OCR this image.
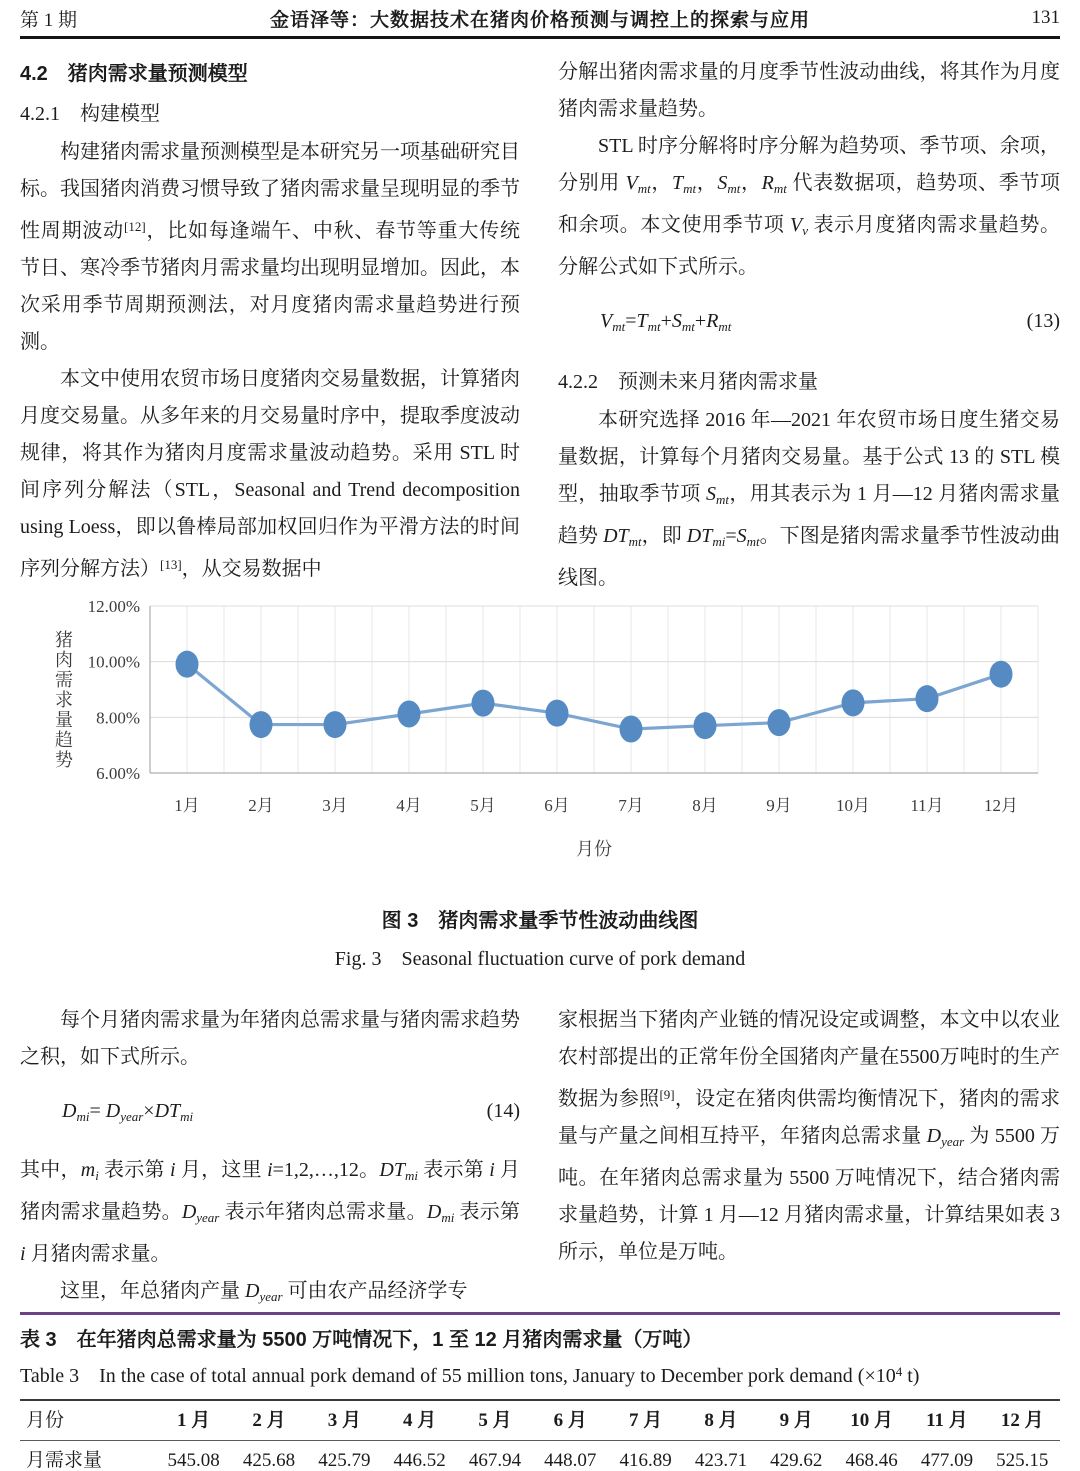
第 1 期	金语泽等：大数据技术在猪肉价格预测与调控上的探索与应用	131
4.2　猪肉需求量预测模型
4.2.1　构建模型

构建猪肉需求量预测模型是本研究另一项基础研究目标。我国猪肉消费习惯导致了猪肉需求量呈现明显的季节性周期波动[12]，比如每逢端午、中秋、春节等重大传统节日、寒冷季节猪肉月需求量均出现明显增加。因此，本次采用季节周期预测法，对月度猪肉需求量趋势进行预测。

本文中使用农贸市场日度猪肉交易量数据，计算猪肉月度交易量。从多年来的月交易量时序中，提取季度波动规律，将其作为猪肉月度需求量波动趋势。采用 STL 时间序列分解法（STL，Seasonal and Trend decomposition using Loess，即以鲁棒局部加权回归作为平滑方法的时间序列分解方法）[13]，从交易数据中

分解出猪肉需求量的月度季节性波动曲线，将其作为月度猪肉需求量趋势。

STL 时序分解将时序分解为趋势项、季节项、余项，分别用 $V_{mt}$，$T_{mt}$，$S_{mt}$，$R_{mt}$ 代表数据项，趋势项、季节项和余项。本文使用季节项 $V_v$ 表示月度猪肉需求量趋势。分解公式如下式所示。

$V_{mt}=T_{mt}+S_{mt}+R_{mt}$	(13)
4.2.2　预测未来月猪肉需求量

本研究选择 2016 年—2021 年农贸市场日度生猪交易量数据，计算每个月猪肉交易量。基于公式 13 的 STL 模型，抽取季节项 $S_{mt}$，用其表示为 1 月—12 月猪肉需求量趋势 $DT_{mt}$，即 $DT_{mi}=S_{mt}$。下图是猪肉需求量季节性波动曲线图。

6.00%
8.00%
10.00%
12.00%
1月	2月	3月	4月	5月	6月	7月	8月	9月	10月 11月 12月
月份
猪肉需求量趋势
图 3　猪肉需求量季节性波动曲线图
Fig. 3　Seasonal fluctuation curve of pork demand

每个月猪肉需求量为年猪肉总需求量与猪肉需求趋势之积，如下式所示。

$D_{mi}= D_{year}\times DT_{mi}$	(14)

其中，$m_i$ 表示第 i 月，这里 i=1,2,…,12。$DT_{mi}$ 表示第 i 月猪肉需求量趋势。$D_{year}$ 表示年猪肉总需求量。$D_{mi}$ 表示第 i 月猪肉需求量。

这里，年总猪肉产量 $D_{year}$ 可由农产品经济学专

家根据当下猪肉产业链的情况设定或调整，本文中以农业农村部提出的正常年份全国猪肉产量在5500万吨时的生产数据为参照[9]，设定在猪肉供需均衡情况下，猪肉的需求量与产量之间相互持平，年猪肉总需求量 $D_{year}$ 为 5500 万吨。在年猪肉总需求量为 5500 万吨情况下，结合猪肉需求量趋势，计算 1 月—12 月猪肉需求量，计算结果如表 3 所示，单位是万吨。

表 3　在年猪肉总需求量为 5500 万吨情况下，1 至 12 月猪肉需求量（万吨）
Table 3　In the case of total annual pork demand of 55 million tons, January to December pork demand ($\times 10^4$ t)
月份	1 月	2 月	3 月	4 月	5 月	6 月	7 月	8 月	9 月	10 月	11 月	12 月
月需求量	545.08	425.68	425.79	446.52	467.94	448.07	416.89	423.71	429.62	468.46	477.09	525.15
